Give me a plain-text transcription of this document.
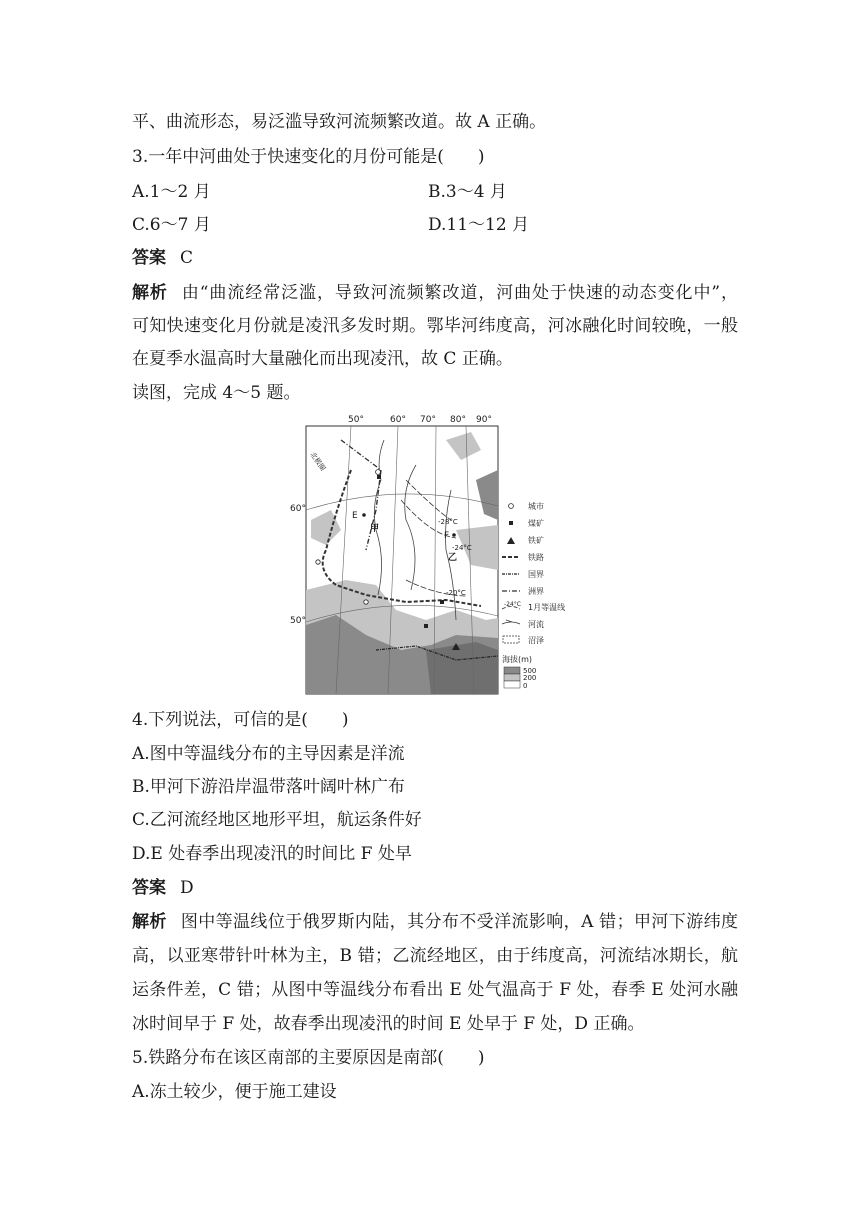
平、曲流形态，易泛滥导致河流频繁改道。故 A 正确。
3.一年中河曲处于快速变化的月份可能是(　　)
A.1～2 月	B.3～4 月
C.6～7 月	D.11～12 月
答案 C
解析 由“曲流经常泛滥，导致河流频繁改道，河曲处于快速的动态变化中”，
可知快速变化月份就是凌汛多发时期。鄂毕河纬度高，河冰融化时间较晚，一般
在夏季水温高时大量融化而出现凌汛，故 C 正确。
读图，完成 4～5 题。
50°	60° 70° 80° 90°
60°
50°
北极圈
E
甲
F
乙
-28°C
-24°C
-20°C
城市
煤矿
铁矿
铁路
国界
洲界
-24°C 1月等温线
河流
沼泽
海拔(m)
500
200
0
4.下列说法，可信的是(　　)
A.图中等温线分布的主导因素是洋流
B.甲河下游沿岸温带落叶阔叶林广布
C.乙河流经地区地形平坦，航运条件好
D.E 处春季出现凌汛的时间比 F 处早
答案 D
解析 图中等温线位于俄罗斯内陆，其分布不受洋流影响，A 错；甲河下游纬度
高，以亚寒带针叶林为主，B 错；乙流经地区，由于纬度高，河流结冰期长，航
运条件差，C 错；从图中等温线分布看出 E 处气温高于 F 处，春季 E 处河水融
冰时间早于 F 处，故春季出现凌汛的时间 E 处早于 F 处，D 正确。
5.铁路分布在该区南部的主要原因是南部(　　)
A.冻土较少，便于施工建设
